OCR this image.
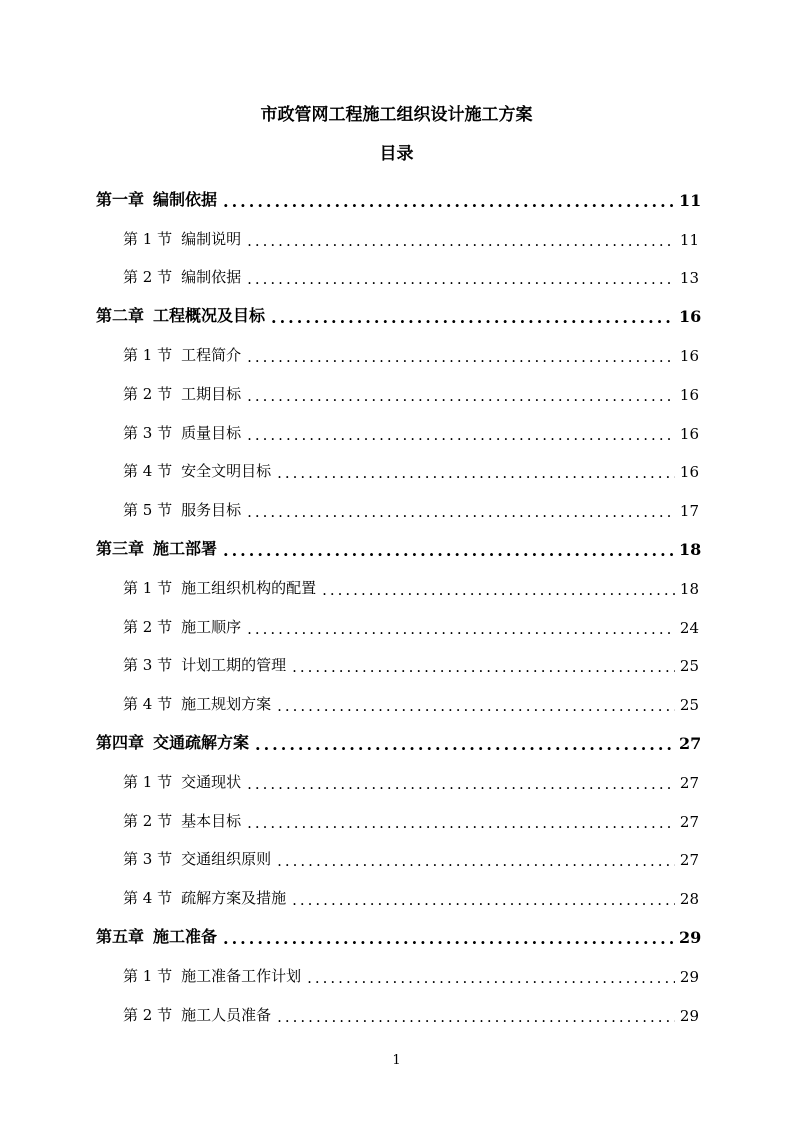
市政管网工程施工组织设计施工方案
目录
第一章 编制依据 .....	11
第 1 节 编制说明 .....	11
第 2 节 编制依据 .....	13
第二章 工程概况及目标 .....	16
第 1 节 工程简介 .....	16
第 2 节 工期目标 .....	16
第 3 节 质量目标 .....	16
第 4 节 安全文明目标 .....	16
第 5 节 服务目标 .....	17
第三章 施工部署 .....	18
第 1 节 施工组织机构的配置 .....	18
第 2 节 施工顺序 .....	24
第 3 节 计划工期的管理 .....	25
第 4 节 施工规划方案 .....	25
第四章 交通疏解方案 .....	27
第 1 节 交通现状 .....	27
第 2 节 基本目标 .....	27
第 3 节 交通组织原则 .....	27
第 4 节 疏解方案及措施 .....	28
第五章 施工准备 .....	29
第 1 节 施工准备工作计划 .....	29
第 2 节 施工人员准备 .....	29
1
